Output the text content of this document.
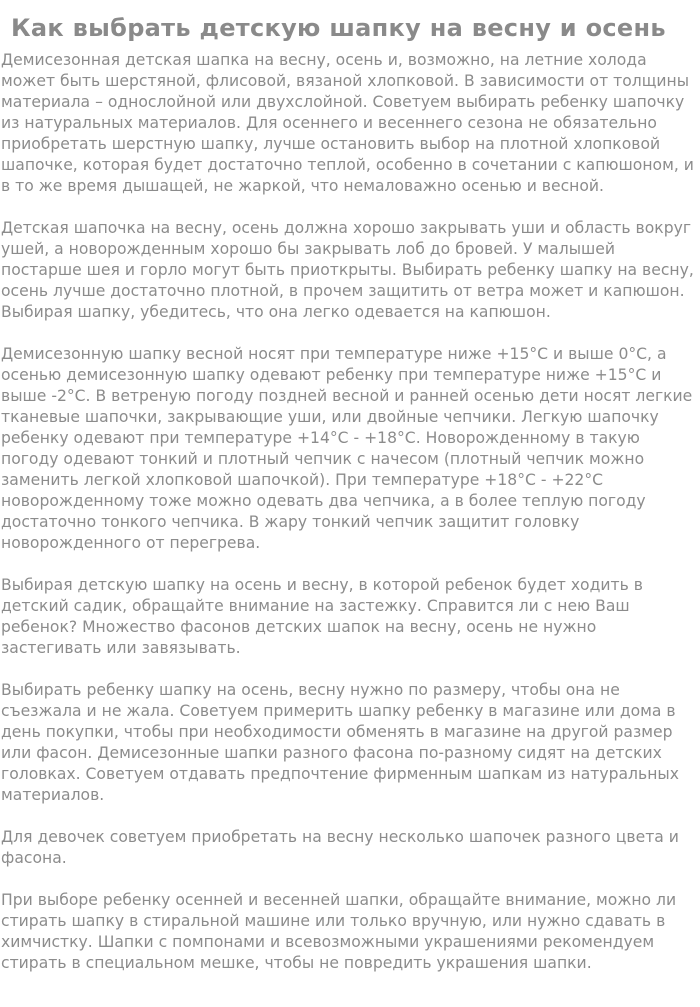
Как выбрать детскую шапку на весну и осень

Демисезонная детская шапка на весну, осень и, возможно, на летние холода может быть шерстяной, флисовой, вязаной хлопковой. В зависимости от толщины материала – однослойной или двухслойной. Советуем выбирать ребенку шапочку из натуральных материалов. Для осеннего и весеннего сезона не обязательно приобретать шерстную шапку, лучше остановить выбор на плотной хлопковой шапочке, которая будет достаточно теплой, особенно в сочетании с капюшоном, и в то же время дышащей, не жаркой, что немаловажно осенью и весной.

Детская шапочка на весну, осень должна хорошо закрывать уши и область вокруг ушей, а новорожденным хорошо бы закрывать лоб до бровей. У малышей постарше шея и горло могут быть приоткрыты. Выбирать ребенку шапку на весну, осень лучше достаточно плотной, в прочем защитить от ветра может и капюшон. Выбирая шапку, убедитесь, что она легко одевается на капюшон.

Демисезонную шапку весной носят при температуре ниже +15°C и выше 0°C, а осенью демисезонную шапку одевают ребенку при температуре ниже +15°C и выше -2°C. В ветреную погоду поздней весной и ранней осенью дети носят легкие тканевые шапочки, закрывающие уши, или двойные чепчики. Легкую шапочку ребенку одевают при температуре +14°C - +18°C. Новорожденному в такую погоду одевают тонкий и плотный чепчик с начесом (плотный чепчик можно заменить легкой хлопковой шапочкой). При температуре +18°C - +22°C новорожденному тоже можно одевать два чепчика, а в более теплую погоду достаточно тонкого чепчика. В жару тонкий чепчик защитит головку новорожденного от перегрева.

Выбирая детскую шапку на осень и весну, в которой ребенок будет ходить в детский садик, обращайте внимание на застежку. Справится ли с нею Ваш ребенок? Множество фасонов детских шапок на весну, осень не нужно застегивать или завязывать.

Выбирать ребенку шапку на осень, весну нужно по размеру, чтобы она не съезжала и не жала. Советуем примерить шапку ребенку в магазине или дома в день покупки, чтобы при необходимости обменять в магазине на другой размер или фасон. Демисезонные шапки разного фасона по-разному сидят на детских головках. Советуем отдавать предпочтение фирменным шапкам из натуральных материалов.

Для девочек советуем приобретать на весну несколько шапочек разного цвета и фасона.

При выборе ребенку осенней и весенней шапки, обращайте внимание, можно ли стирать шапку в стиральной машине или только вручную, или нужно сдавать в химчистку. Шапки с помпонами и всевозможными украшениями рекомендуем стирать в специальном мешке, чтобы не повредить украшения шапки.
